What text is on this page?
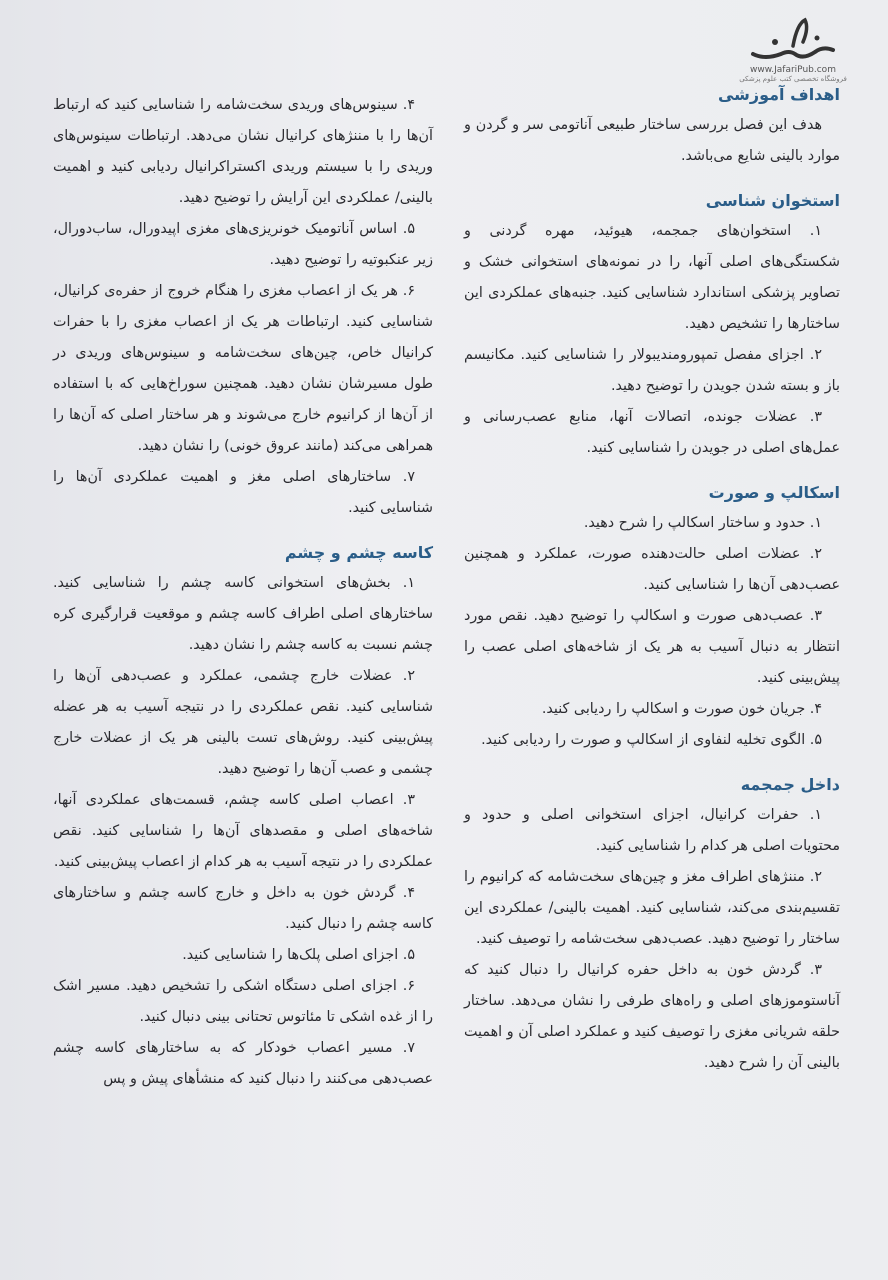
www.JafariPub.com
فروشگاه تخصصی کتب علوم پزشکی
اهداف آموزشی

هدف این فصل بررسی ساختار طبیعی آناتومی سر و گردن و موارد بالینی شایع می‌باشد.

استخوان شناسی

۱. استخوان‌های جمجمه، هیوئید، مهره گردنی و شکستگی‌های اصلی آنها، را در نمونه‌های استخوانی خشک و تصاویر پزشکی استاندارد شناسایی کنید. جنبه‌های عملکردی این ساختارها را تشخیص دهید.

۲. اجزای مفصل تمپورومندیبولار را شناسایی کنید. مکانیسم باز و بسته شدن جویدن را توضیح دهید.

۳. عضلات جونده، اتصالات آنها، منابع عصب‌رسانی و عمل‌های اصلی در جویدن را شناسایی کنید.

اسکالپ و صورت

۱. حدود و ساختار اسکالپ را شرح دهید.

۲. عضلات اصلی حالت‌دهنده صورت، عملکرد و همچنین عصب‌دهی آن‌ها را شناسایی کنید.

۳. عصب‌دهی صورت و اسکالپ را توضیح دهید. نقص مورد انتظار به دنبال آسیب به هر یک از شاخه‌های اصلی عصب را پیش‌بینی کنید.

۴. جریان خون صورت و اسکالپ را ردیابی کنید.

۵. الگوی تخلیه لنفاوی از اسکالپ و صورت را ردیابی کنید.

داخل جمجمه

۱. حفرات کرانیال، اجزای استخوانی اصلی و حدود و محتویات اصلی هر کدام را شناسایی کنید.

۲. مننژهای اطراف مغز و چین‌های سخت‌شامه که کرانیوم را تقسیم‌بندی می‌کند، شناسایی کنید. اهمیت بالینی/ عملکردی این ساختار را توضیح دهید. عصب‌دهی سخت‌شامه را توصیف کنید.

۳. گردش خون به داخل حفره کرانیال را دنبال کنید که آناستوموزهای اصلی و راه‌های طرفی را نشان می‌دهد. ساختار حلقه شریانی مغزی را توصیف کنید و عملکرد اصلی آن و اهمیت بالینی آن را شرح دهید.

۴. سینوس‌های وریدی سخت‌شامه را شناسایی کنید که ارتباط آن‌ها را با مننژهای کرانیال نشان می‌دهد. ارتباطات سینوس‌های وریدی را با سیستم وریدی اکستراکرانیال ردیابی کنید و اهمیت بالینی/ عملکردی این آرایش را توضیح دهید.

۵. اساس آناتومیک خونریزی‌های مغزی اپیدورال، ساب‌دورال، زیر عنکبوتیه را توضیح دهید.

۶. هر یک از اعصاب مغزی را هنگام خروج از حفره‌ی کرانیال، شناسایی کنید. ارتباطات هر یک از اعصاب مغزی را با حفرات کرانیال خاص، چین‌های سخت‌شامه و سینوس‌های وریدی در طول مسیرشان نشان دهید. همچنین سوراخ‌هایی که با استفاده از آن‌ها از کرانیوم خارج می‌شوند و هر ساختار اصلی که آن‌ها را همراهی می‌کند (مانند عروق خونی) را نشان دهید.

۷. ساختارهای اصلی مغز و اهمیت عملکردی آن‌ها را شناسایی کنید.

کاسه چشم و چشم

۱. بخش‌های استخوانی کاسه چشم را شناسایی کنید. ساختارهای اصلی اطراف کاسه چشم و موقعیت قرارگیری کره چشم نسبت به کاسه چشم را نشان دهید.

۲. عضلات خارج چشمی، عملکرد و عصب‌دهی آن‌ها را شناسایی کنید. نقص عملکردی را در نتیجه آسیب به هر عضله پیش‌بینی کنید. روش‌های تست بالینی هر یک از عضلات خارج چشمی و عصب آن‌ها را توضیح دهید.

۳. اعصاب اصلی کاسه چشم، قسمت‌های عملکردی آنها، شاخه‌های اصلی و مقصدهای آن‌ها را شناسایی کنید. نقص عملکردی را در نتیجه آسیب به هر کدام از اعصاب پیش‌بینی کنید.

۴. گردش خون به داخل و خارج کاسه چشم و ساختارهای کاسه چشم را دنبال کنید.

۵. اجزای اصلی پلک‌ها را شناسایی کنید.

۶. اجزای اصلی دستگاه اشکی را تشخیص دهید. مسیر اشک را از غده اشکی تا مئاتوس تحتانی بینی دنبال کنید.

۷. مسیر اعصاب خودکار که به ساختارهای کاسه چشم عصب‌دهی می‌کنند را دنبال کنید که منشأهای پیش و پس
